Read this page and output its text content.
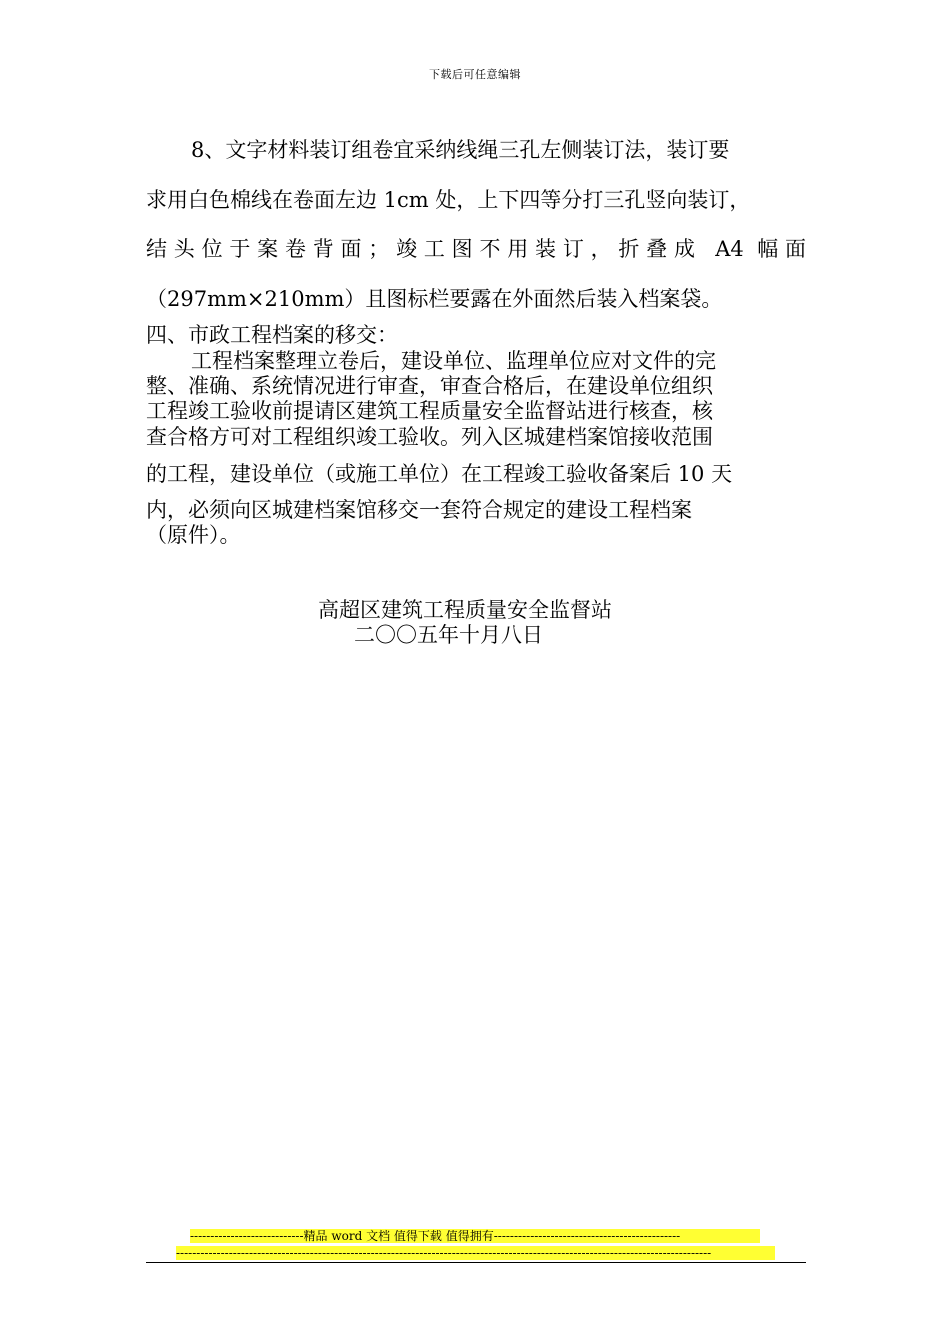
下载后可任意编辑
8、文字材料装订组卷宜采纳线绳三孔左侧装订法，装订要
求用白色棉线在卷面左边 1cm 处，上下四等分打三孔竖向装订，
结头位于案卷背面；竣工图不用装订，折叠成 A4 幅面
（297mm×210mm）且图标栏要露在外面然后装入档案袋。
四、市政工程档案的移交：
工程档案整理立卷后，建设单位、监理单位应对文件的完
整、准确、系统情况进行审查，审查合格后，在建设单位组织
工程竣工验收前提请区建筑工程质量安全监督站进行核查，核
查合格方可对工程组织竣工验收。列入区城建档案馆接收范围
的工程，建设单位（或施工单位）在工程竣工验收备案后 10 天
内，必须向区城建档案馆移交一套符合规定的建设工程档案
（原件）。
高超区建筑工程质量安全监督站
二〇〇五年十月八日
----------------------------精品 word 文档 值得下载 值得拥有----------------------------------------------
------------------------------------------------------------------------------------------------------------------------------------
